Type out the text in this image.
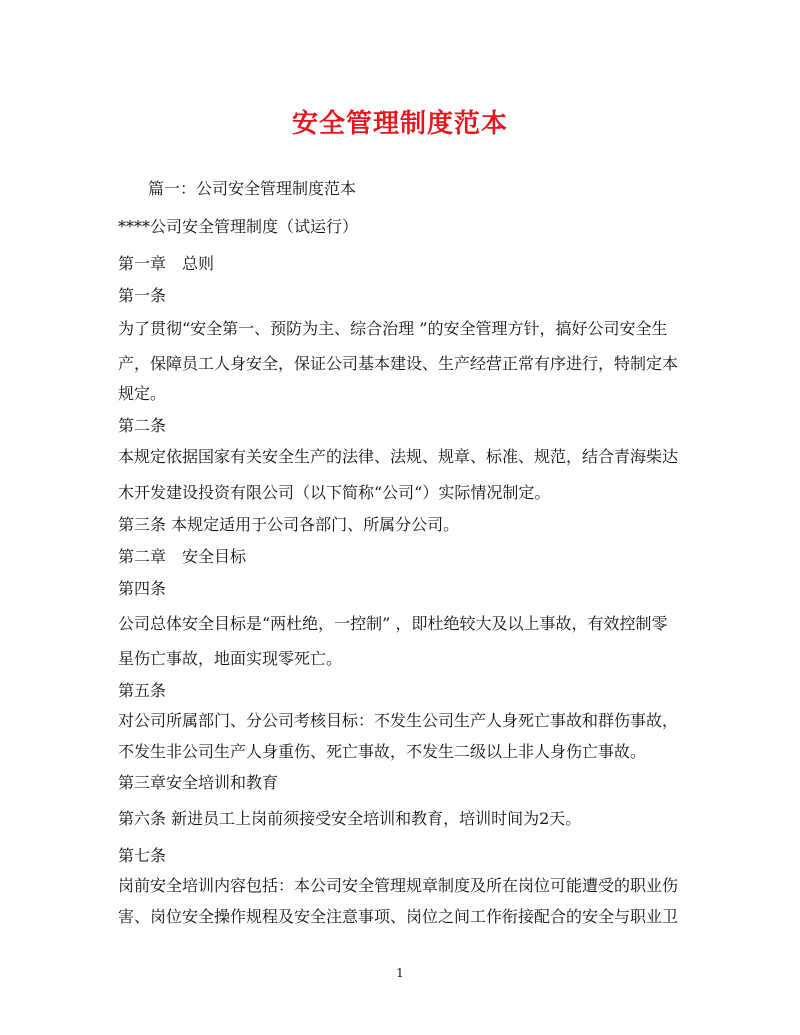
安全管理制度范本
篇一：公司安全管理制度范本
****公司安全管理制度（试运行）
第一章　总则
第一条
为了贯彻“安全第一、预防为主、综合治理 ”的安全管理方针，搞好公司安全生
产，保障员工人身安全，保证公司基本建设、生产经营正常有序进行，特制定本
规定。
第二条
本规定依据国家有关安全生产的法律、法规、规章、标准、规范，结合青海柴达
木开发建设投资有限公司（以下简称“公司“）实际情况制定。
第三条 本规定适用于公司各部门、所属分公司。
第二章　安全目标
第四条
公司总体安全目标是“两杜绝，一控制” ，即杜绝较大及以上事故，有效控制零
星伤亡事故，地面实现零死亡。
第五条
对公司所属部门、分公司考核目标：不发生公司生产人身死亡事故和群伤事故，
不发生非公司生产人身重伤、死亡事故，不发生二级以上非人身伤亡事故。
第三章安全培训和教育
第六条 新进员工上岗前须接受安全培训和教育，培训时间为2天。
第七条
岗前安全培训内容包括：本公司安全管理规章制度及所在岗位可能遭受的职业伤
害、岗位安全操作规程及安全注意事项、岗位之间工作衔接配合的安全与职业卫
1
